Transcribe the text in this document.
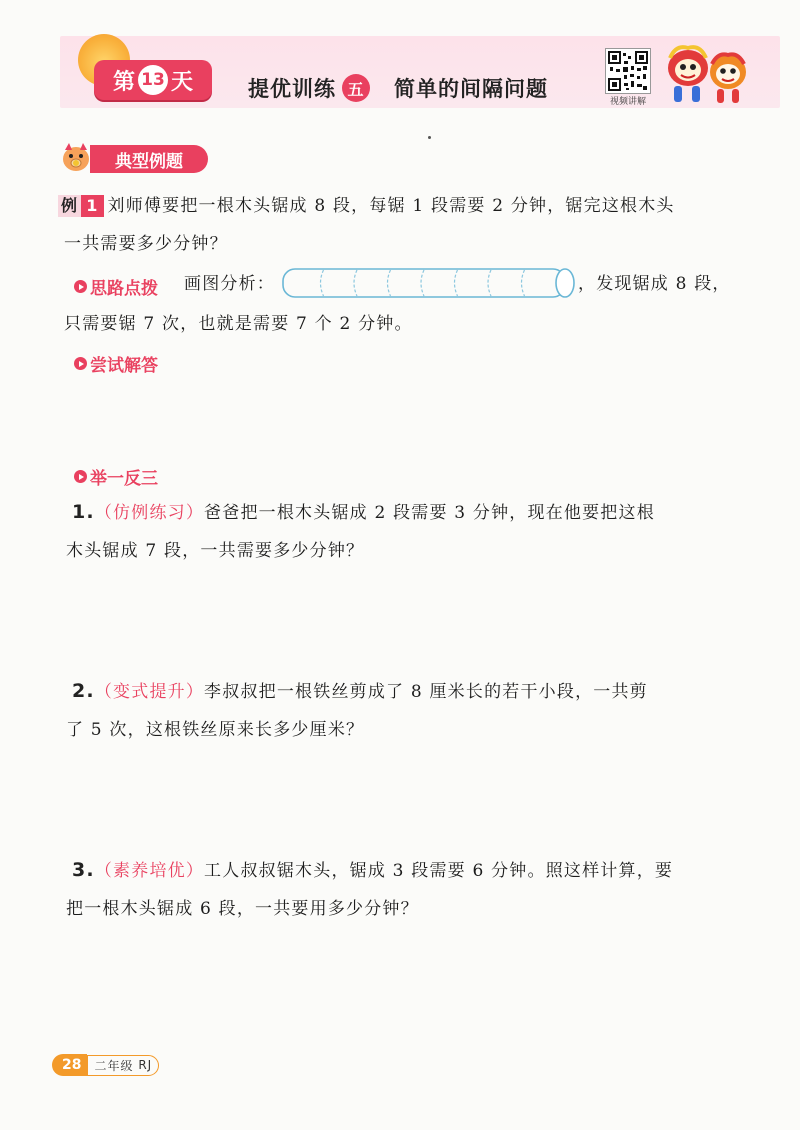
第 13 天	提优训练 五 简单的间隔问题
视频讲解
典型例题
例 1 刘师傅要把一根木头锯成 8 段，每锯 1 段需要 2 分钟，锯完这根木头
一共需要多少分钟？
思路点拨 画图分析：	，发现锯成 8 段，
只需要锯 7 次，也就是需要 7 个 2 分钟。
尝试解答
举一反三
1. （仿例练习） 爸爸把一根木头锯成 2 段需要 3 分钟，现在他要把这根
木头锯成 7 段，一共需要多少分钟？
2. （变式提升） 李叔叔把一根铁丝剪成了 8 厘米长的若干小段，一共剪
了 5 次，这根铁丝原来长多少厘米？
3. （素养培优） 工人叔叔锯木头，锯成 3 段需要 6 分钟。照这样计算，要
把一根木头锯成 6 段，一共要用多少分钟？
28	二年级
RJ
